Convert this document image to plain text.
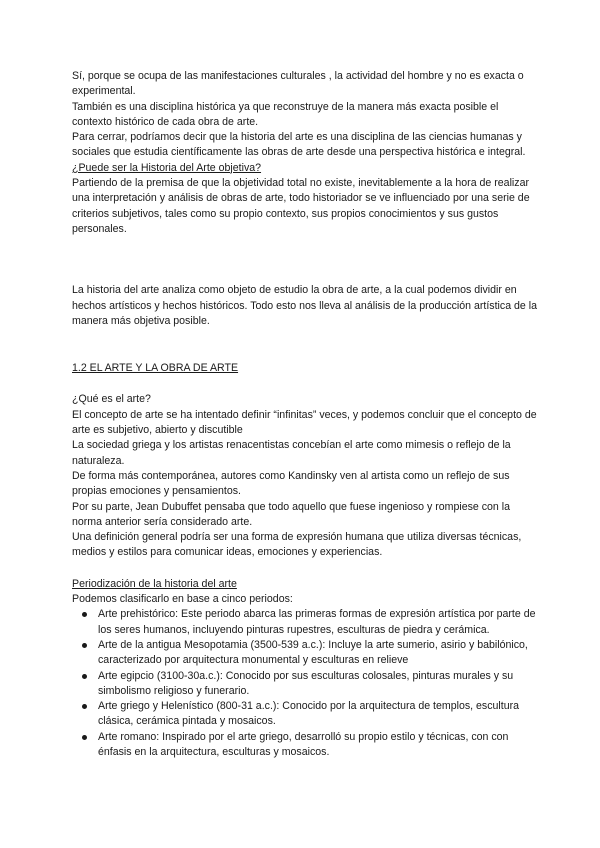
Sí, porque se ocupa de las manifestaciones culturales , la actividad del hombre y no es exacta o experimental.

También es una disciplina histórica ya que reconstruye de la manera más exacta posible el contexto histórico de cada obra de arte.

Para cerrar, podríamos decir que la historia del arte es una disciplina de las ciencias humanas y sociales que estudia científicamente las obras de arte desde una perspectiva histórica e integral.

¿Puede ser la Historia del Arte objetiva?

Partiendo de la premisa de que la objetividad total no existe, inevitablemente a la hora de realizar una interpretación y análisis de obras de arte, todo historiador se ve influenciado por una serie de criterios subjetivos, tales como su propio contexto, sus propios conocimientos y sus gustos personales.

La historia del arte analiza como objeto de estudio la obra de arte, a la cual podemos dividir en hechos artísticos y hechos históricos. Todo esto nos lleva al análisis de la producción artística de la manera más objetiva posible.

1.2 EL ARTE Y LA OBRA DE ARTE

¿Qué es el arte?

El concepto de arte se ha intentado definir “infinitas” veces, y podemos concluir que el concepto de arte es subjetivo, abierto y discutible

La sociedad griega y los artistas renacentistas concebían el arte como mimesis o reflejo de la naturaleza.

De forma más contemporánea, autores como Kandinsky ven al artista como un reflejo de sus propias emociones y pensamientos.

Por su parte, Jean Dubuffet pensaba que todo aquello que fuese ingenioso y rompiese con la norma anterior sería considerado arte.

Una definición general podría ser una forma de expresión humana que utiliza diversas técnicas, medios y estilos para comunicar ideas, emociones y experiencias.

Periodización de la historia del arte

Podemos clasificarlo en base a cinco periodos:

Arte prehistórico: Este periodo abarca las primeras formas de expresión artística por parte de los seres humanos, incluyendo pinturas rupestres, esculturas de piedra y cerámica.
Arte de la antigua Mesopotamia (3500-539 a.c.): Incluye la arte sumerio, asirio y babilónico, caracterizado por arquitectura monumental y esculturas en relieve
Arte egipcio (3100-30a.c.): Conocido por sus esculturas colosales, pinturas murales y su simbolismo religioso y funerario.
Arte griego y Helenístico (800-31 a.c.): Conocido por la arquitectura de templos, escultura clásica, cerámica pintada y mosaicos.
Arte romano: Inspirado por el arte griego, desarrolló su propio estilo y técnicas, con con énfasis en la arquitectura, esculturas y mosaicos.
